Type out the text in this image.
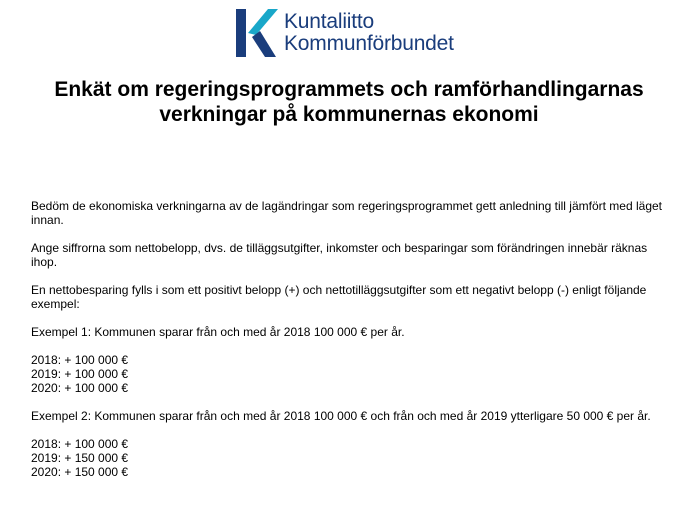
Kuntaliitto
Kommunförbundet
Enkät om regeringsprogrammets och ramförhandlingarnas verkningar på kommunernas ekonomi

Bedöm de ekonomiska verkningarna av de lagändringar som regeringsprogrammet gett anledning till jämfört med läget innan.

Ange siffrorna som nettobelopp, dvs. de tilläggsutgifter, inkomster och besparingar som förändringen innebär räknas ihop.

En nettobesparing fylls i som ett positivt belopp (+) och nettotilläggsutgifter som ett negativt belopp (-) enligt följande exempel:

Exempel 1: Kommunen sparar från och med år 2018 100 000 € per år.

2018: + 100 000 €
2019: + 100 000 €
2020: + 100 000 €

Exempel 2: Kommunen sparar från och med år 2018 100 000 € och från och med år 2019 ytterligare 50 000 € per år.

2018: + 100 000 €
2019: + 150 000 €
2020: + 150 000 €
